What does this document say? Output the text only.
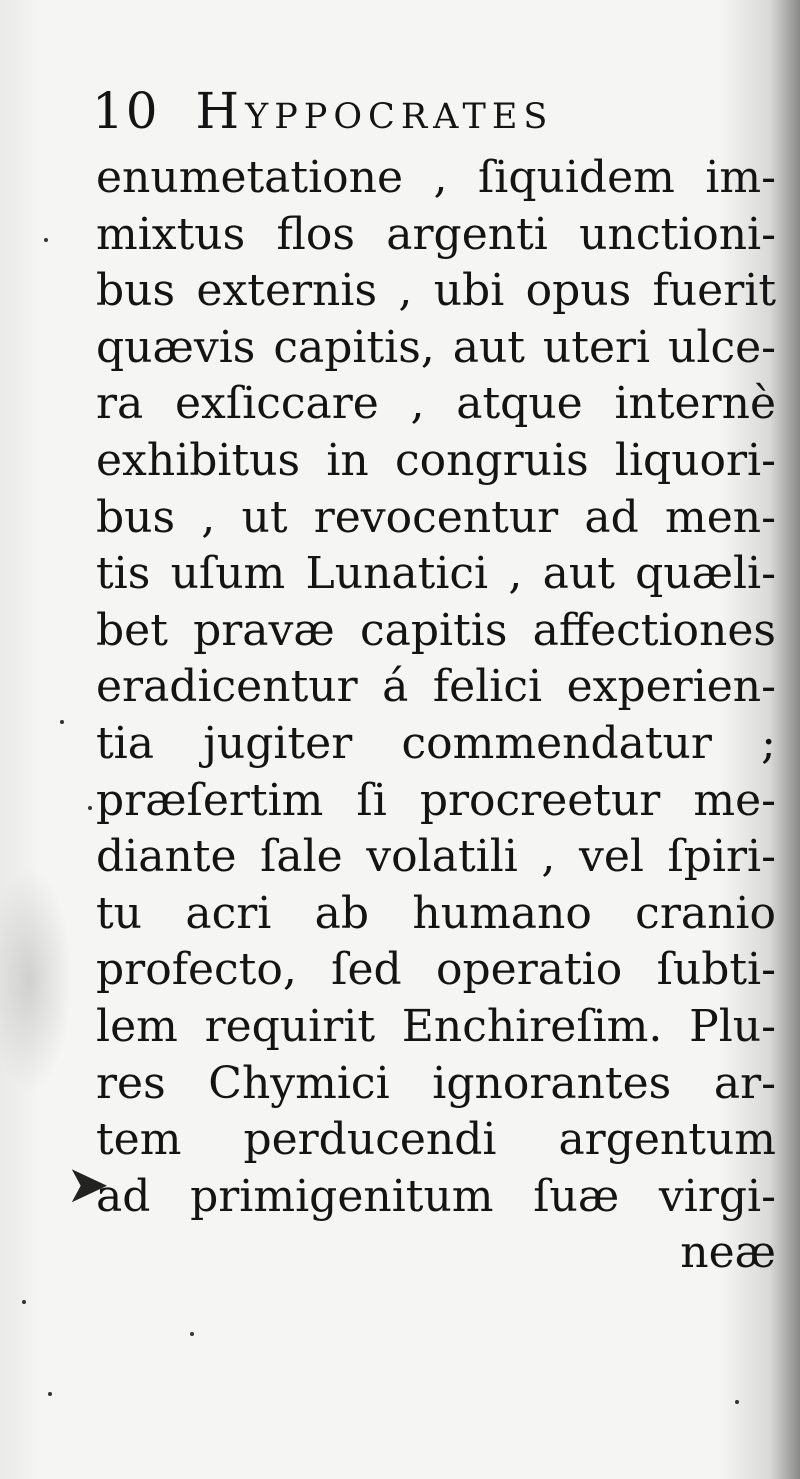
10 Hyppocrates
enumetatione , ſiquidem im-
mixtus flos argenti unctioni-
bus externis , ubi opus fuerit
quævis capitis, aut uteri ulce-
ra exſiccare , atque internè
exhibitus in congruis liquori-
bus , ut revocentur ad men-
tis uſum Lunatici , aut quæli-
bet pravæ capitis affectiones
eradicentur á felici experien-
tia jugiter commendatur ;
præſertim ſi procreetur me-
diante ſale volatili , vel ſpiri-
tu acri ab humano cranio
profecto, ſed operatio ſubti-
lem requirit Enchireſim. Plu-
res Chymici ignorantes ar-
tem perducendi argentum
ad primigenitum ſuæ virgi-
neæ
➤
